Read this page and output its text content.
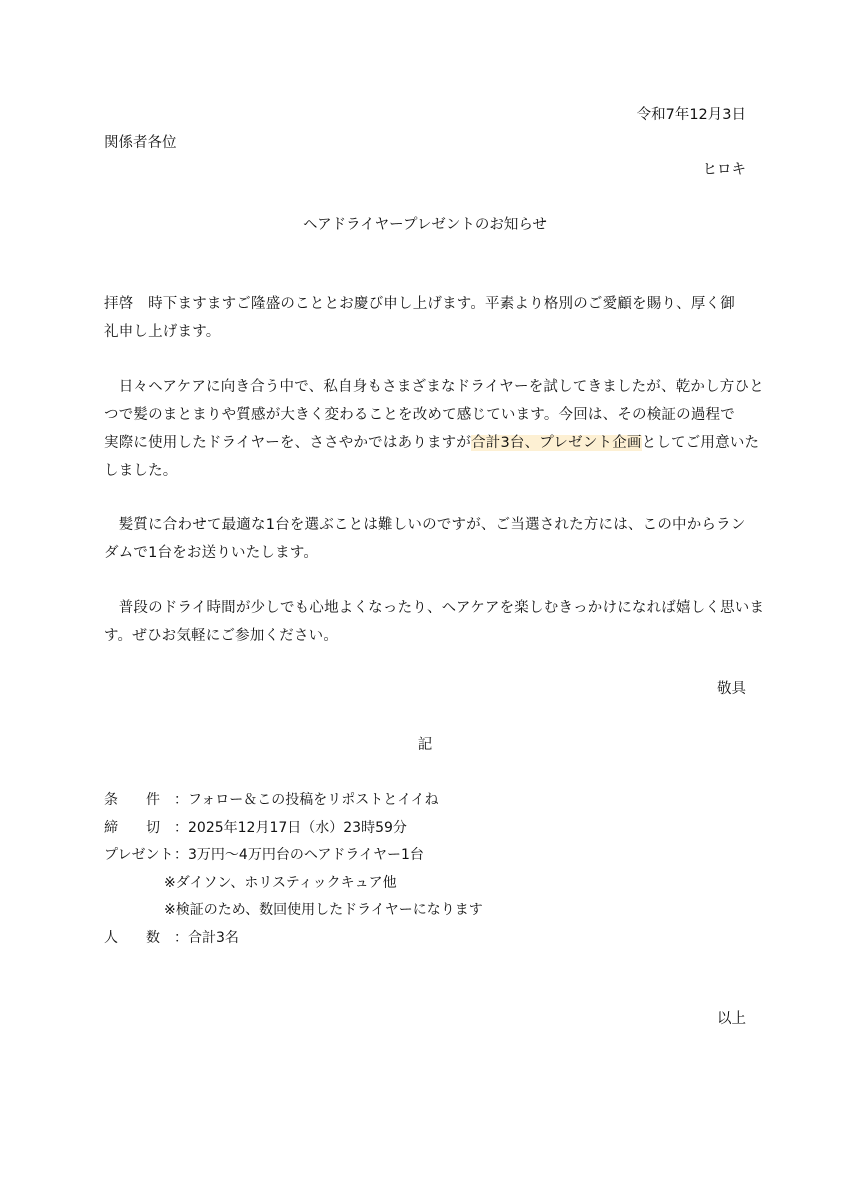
令和7年12月3日
関係者各位
ヒロキ
ヘアドライヤープレゼントのお知らせ
拝啓　時下ますますご隆盛のこととお慶び申し上げます。平素より格別のご愛顧を賜り、厚く御
礼申し上げます。
　日々ヘアケアに向き合う中で、私自身もさまざまなドライヤーを試してきましたが、乾かし方ひと
つで髪のまとまりや質感が大きく変わることを改めて感じています。今回は、その検証の過程で
実際に使用したドライヤーを、ささやかではありますが合計3台、プレゼント企画としてご用意いた
しました。
　髪質に合わせて最適な1台を選ぶことは難しいのですが、ご当選された方には、この中からラン
ダムで1台をお送りいたします。
　普段のドライ時間が少しでも心地よくなったり、ヘアケアを楽しむきっかけになれば嬉しく思いま
す。ぜひお気軽にご参加ください。
敬具
記
条　　件 ：フォロー＆この投稿をリポストとイイね
締　　切 ：2025年12月17日（水）23時59分
プレゼント：3万円～4万円台のヘアドライヤー1台
※ダイソン、ホリスティックキュア他
※検証のため、数回使用したドライヤーになります
人　　数 ：合計3名
以上
